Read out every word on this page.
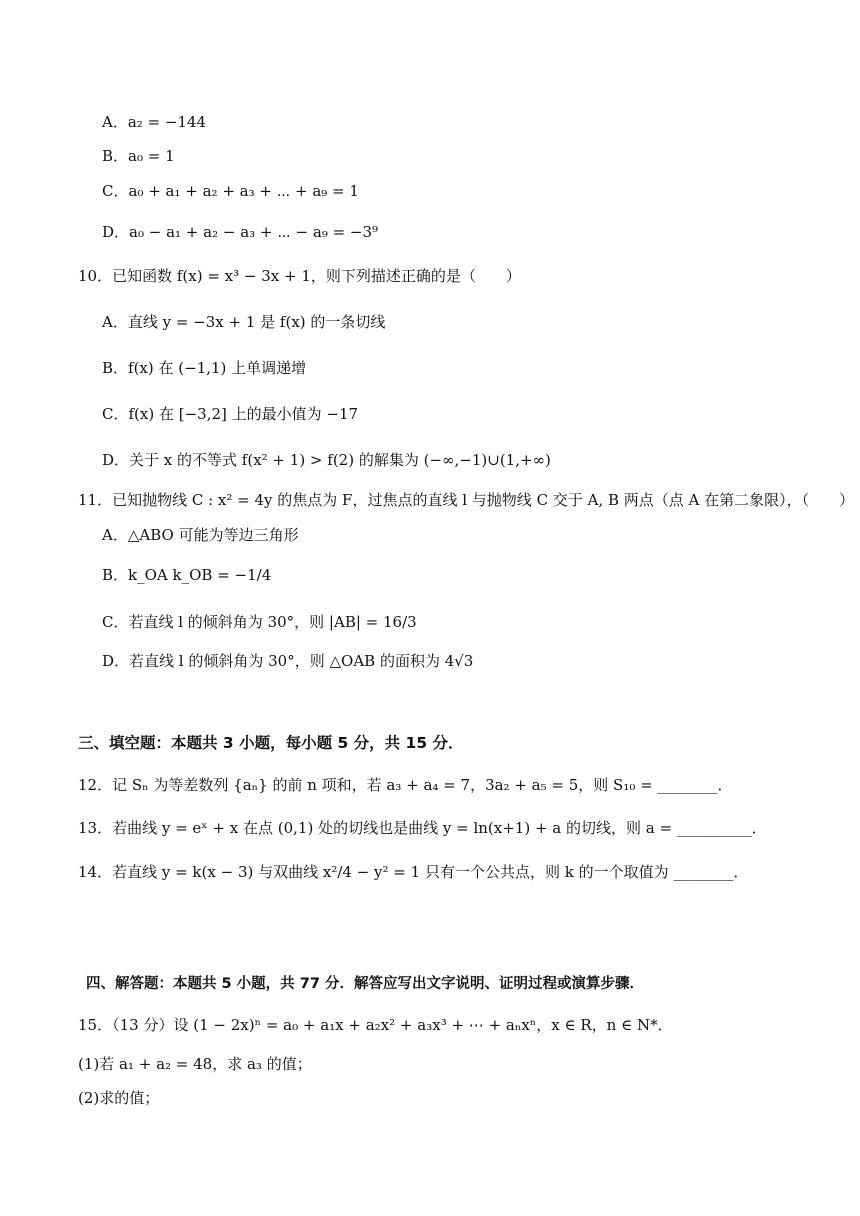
A．a₂ = −144
B．a₀ = 1
C．a₀ + a₁ + a₂ + a₃ + ⋯ + a₉ = 1
D．a₀ − a₁ + a₂ − a₃ + ⋯ − a₉ = −3⁹
10．已知函数 f(x) = x³ − 3x + 1，则下列描述正确的是（　　）
A．直线 y = −3x + 1 是 f(x) 的一条切线
B．f(x) 在 (−1,1) 上单调递增
C．f(x) 在 [−3,2] 上的最小值为 −17
D．关于 x 的不等式 f(x² + 1) > f(2) 的解集为 (−∞,−1)∪(1,+∞)
11．已知抛物线 C : x² = 4y 的焦点为 F，过焦点的直线 l 与抛物线 C 交于 A, B 两点（点 A 在第二象限），（　　）
A．△ABO 可能为等边三角形
B．k_OA k_OB = −1/4
C．若直线 l 的倾斜角为 30°，则 |AB| = 16/3
D．若直线 l 的倾斜角为 30°，则 △OAB 的面积为 4√3
三、填空题：本题共 3 小题，每小题 5 分，共 15 分．
12．记 Sₙ 为等差数列 {aₙ} 的前 n 项和，若 a₃ + a₄ = 7，3a₂ + a₅ = 5，则 S₁₀ = ________．
13．若曲线 y = eˣ + x 在点 (0,1) 处的切线也是曲线 y = ln(x+1) + a 的切线，则 a = __________．
14．若直线 y = k(x − 3) 与双曲线 x²/4 − y² = 1 只有一个公共点，则 k 的一个取值为 ________．
四、解答题：本题共 5 小题，共 77 分．解答应写出文字说明、证明过程或演算步骤．
15．（13 分）设 (1 − 2x)ⁿ = a₀ + a₁x + a₂x² + a₃x³ + ⋯ + aₙxⁿ，x ∈ R，n ∈ N*．
(1)若 a₁ + a₂ = 48，求 a₃ 的值；
(2)求的值；
